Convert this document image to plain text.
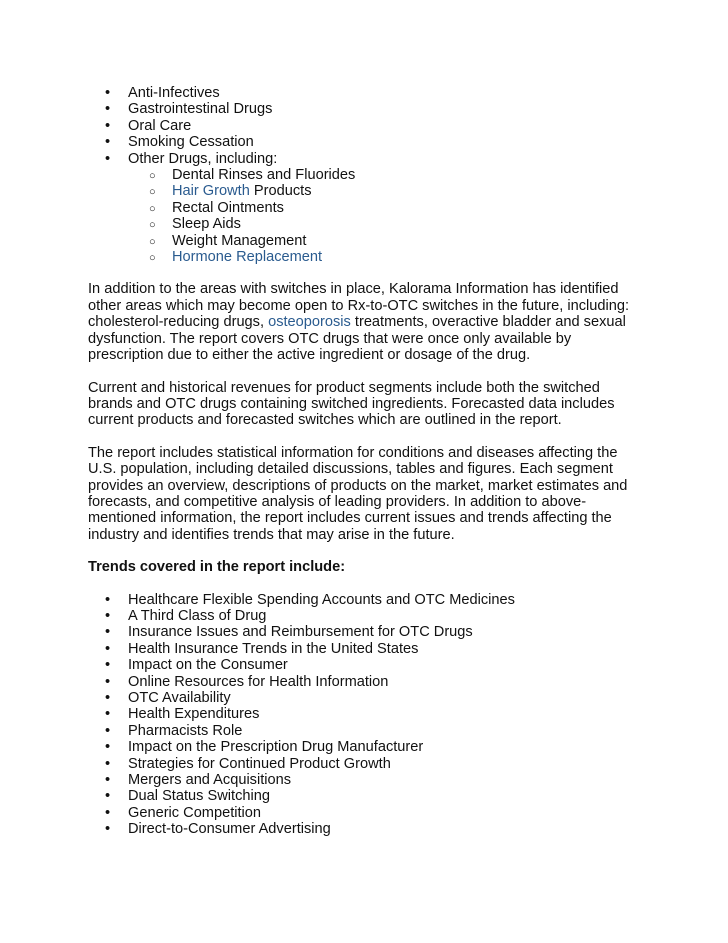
• Anti-Infectives
• Gastrointestinal Drugs
• Oral Care
• Smoking Cessation
• Other Drugs, including:
○ Dental Rinses and Fluorides
○ Hair Growth Products
○ Rectal Ointments
○ Sleep Aids
○ Weight Management
○ Hormone Replacement

In addition to the areas with switches in place, Kalorama Information has identified other areas which may become open to Rx-to-OTC switches in the future, including: cholesterol-reducing drugs, osteoporosis treatments, overactive bladder and sexual dysfunction. The report covers OTC drugs that were once only available by prescription due to either the active ingredient or dosage of the drug.

Current and historical revenues for product segments include both the switched brands and OTC drugs containing switched ingredients. Forecasted data includes current products and forecasted switches which are outlined in the report.

The report includes statistical information for conditions and diseases affecting the U.S. population, including detailed discussions, tables and figures. Each segment provides an overview, descriptions of products on the market, market estimates and forecasts, and competitive analysis of leading providers. In addition to above-mentioned information, the report includes current issues and trends affecting the industry and identifies trends that may arise in the future.

Trends covered in the report include:

• Healthcare Flexible Spending Accounts and OTC Medicines
• A Third Class of Drug
• Insurance Issues and Reimbursement for OTC Drugs
• Health Insurance Trends in the United States
• Impact on the Consumer
• Online Resources for Health Information
• OTC Availability
• Health Expenditures
• Pharmacists Role
• Impact on the Prescription Drug Manufacturer
• Strategies for Continued Product Growth
• Mergers and Acquisitions
• Dual Status Switching
• Generic Competition
• Direct-to-Consumer Advertising
